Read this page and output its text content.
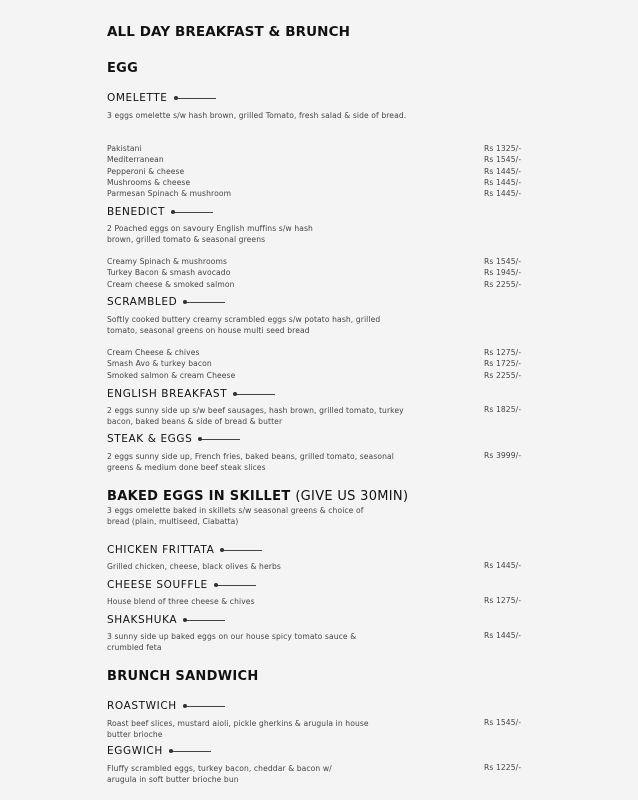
ALL DAY BREAKFAST & BRUNCH
EGG
OMELETTE
3 eggs omelette s/w hash brown, grilled Tomato, fresh salad & side of bread.
Pakistani	Rs 1325/-
Mediterranean	Rs 1545/-
Pepperoni & cheese	Rs 1445/-
Mushrooms & cheese	Rs 1445/-
Parmesan Spinach & mushroom	Rs 1445/-
BENEDICT
2 Poached eggs on savoury English muffins s/w hash brown, grilled tomato & seasonal greens
Creamy Spinach & mushrooms	Rs 1545/-
Turkey Bacon & smash avocado	Rs 1945/-
Cream cheese & smoked salmon	Rs 2255/-
SCRAMBLED
Softly cooked buttery creamy scrambled eggs s/w potato hash, grilled tomato, seasonal greens on house multi seed bread
Cream Cheese & chives	Rs 1275/-
Smash Avo & turkey bacon	Rs 1725/-
Smoked salmon & cream Cheese	Rs 2255/-
ENGLISH BREAKFAST
2 eggs sunny side up s/w beef sausages, hash brown, grilled tomato, turkey bacon, baked beans & side of bread & butter
Rs 1825/-
STEAK & EGGS
2 eggs sunny side up, French fries, baked beans, grilled tomato, seasonal greens & medium done beef steak slices
Rs 3999/-
BAKED EGGS IN SKILLET (GIVE US 30MIN)
3 eggs omelette baked in skillets s/w seasonal greens & choice of bread (plain, multiseed, Ciabatta)
CHICKEN FRITTATA
Grilled chicken, cheese, black olives & herbs	Rs 1445/-
CHEESE SOUFFLE
House blend of three cheese & chives	Rs 1275/-
SHAKSHUKA
3 sunny side up baked eggs on our house spicy tomato sauce & crumbled feta
Rs 1445/-
BRUNCH SANDWICH
ROASTWICH
Roast beef slices, mustard aioli, pickle gherkins & arugula in house butter brioche
Rs 1545/-
EGGWICH
Fluffy scrambled eggs, turkey bacon, cheddar & bacon w/ arugula in soft butter brioche bun
Rs 1225/-
